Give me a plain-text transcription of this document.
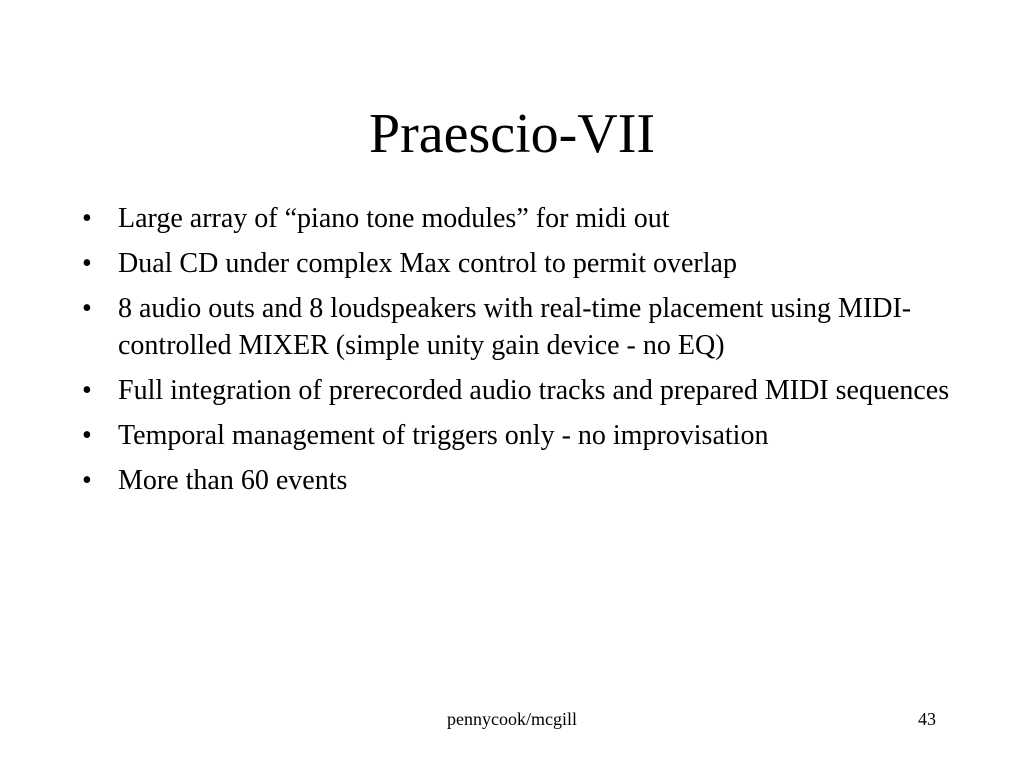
Praescio-VII
• Large array of “piano tone modules” for midi out
• Dual CD under complex Max control to permit overlap
• 8 audio outs and 8 loudspeakers with real-time placement using MIDI-controlled MIXER (simple unity gain device - no EQ)
• Full integration of prerecorded audio tracks and prepared MIDI sequences
• Temporal management of triggers only - no improvisation
• More than 60 events
pennycook/mcgill	43
